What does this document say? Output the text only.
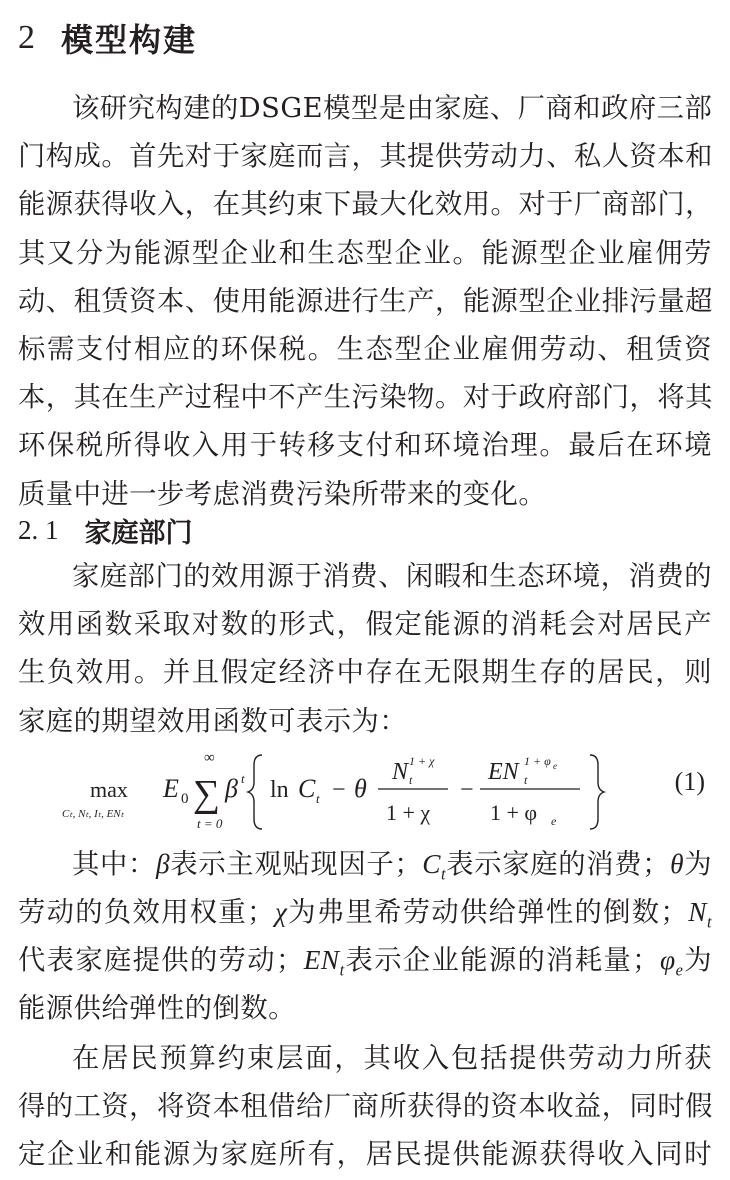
2 模型构建
该研究构建的DSGE模型是由家庭、厂商和政府三部
门构成。首先对于家庭而言，其提供劳动力、私人资本和
能源获得收入，在其约束下最大化效用。对于厂商部门，
其又分为能源型企业和生态型企业。能源型企业雇佣劳
动、租赁资本、使用能源进行生产，能源型企业排污量超
标需支付相应的环保税。生态型企业雇佣劳动、租赁资
本，其在生产过程中不产生污染物。对于政府部门，将其
环保税所得收入用于转移支付和环境治理。最后在环境
质量中进一步考虑消费污染所带来的变化。
2. 1 家庭部门
家庭部门的效用源于消费、闲暇和生态环境，消费的
效用函数采取对数的形式，假定能源的消耗会对居民产
生负效用。并且假定经济中存在无限期生存的居民，则
家庭的期望效用函数可表示为：
max
Cₜ, Nₜ, Iₜ, ENₜ
E 0
∞
∑
t = 0
β t ln C t − θ
N 1 + χ
t
1 + χ
−
EN 1 + φ e
t
1 + φ e
(1)
其中：β表示主观贴现因子；$C_t$表示家庭的消费；θ为
劳动的负效用权重；χ为弗里希劳动供给弹性的倒数；$N_t$
代表家庭提供的劳动；$EN_t$表示企业能源的消耗量；$\varphi_e$为
能源供给弹性的倒数。
在居民预算约束层面，其收入包括提供劳动力所获
得的工资，将资本租借给厂商所获得的资本收益，同时假
定企业和能源为家庭所有，居民提供能源获得收入同时
